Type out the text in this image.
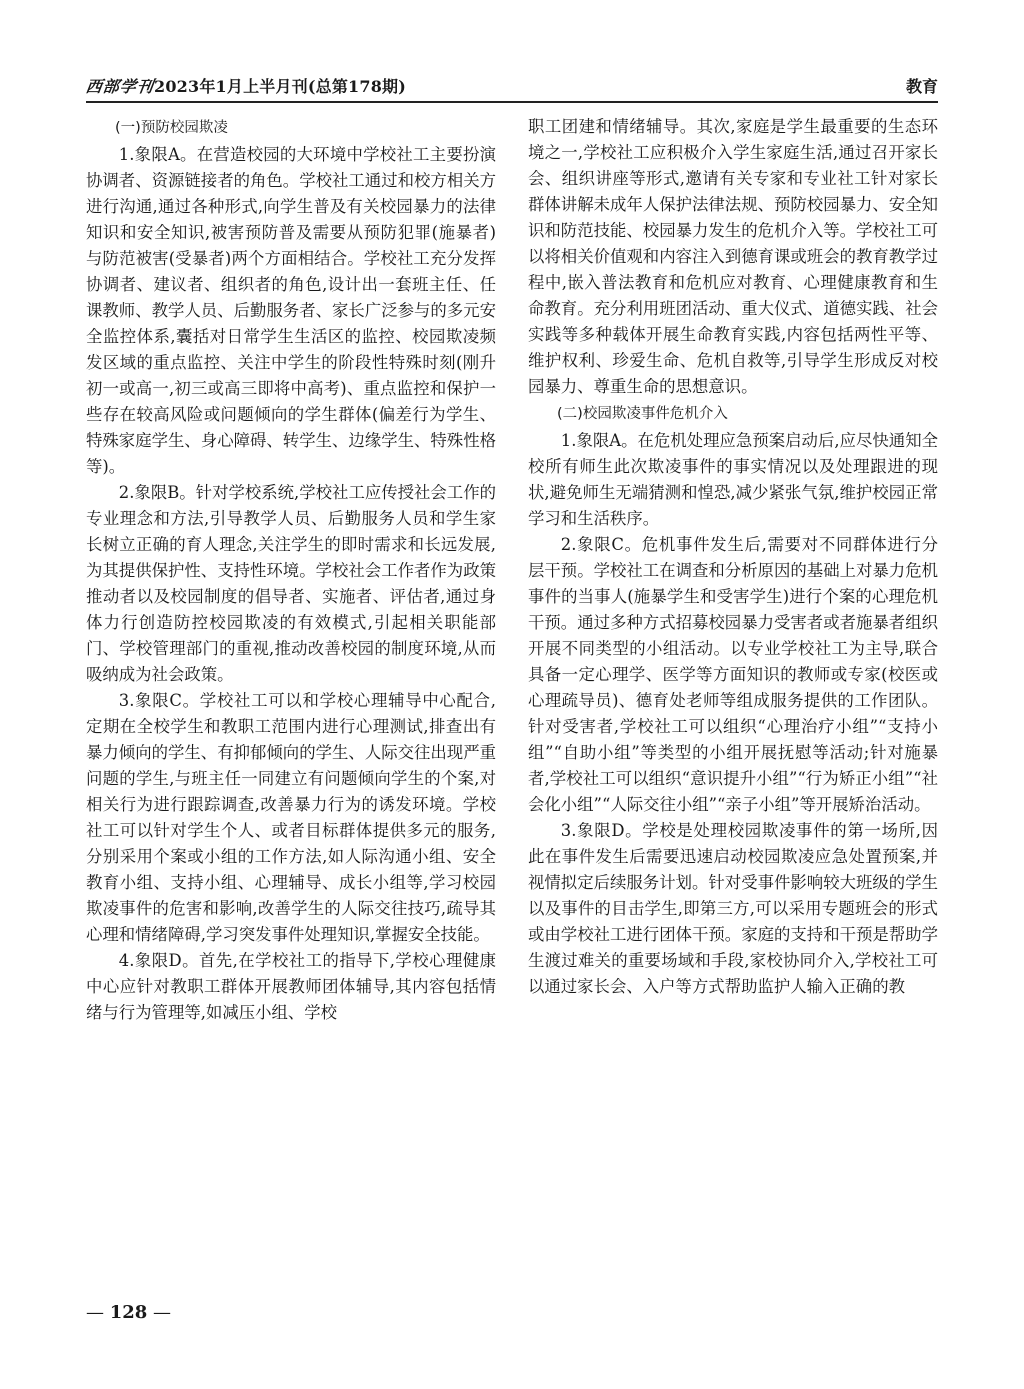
西部学刊2023年1月上半月刊(总第178期)	教育
(一)预防校园欺凌

1.象限A。在营造校园的大环境中学校社工主要扮演协调者、资源链接者的角色。学校社工通过和校方相关方进行沟通,通过各种形式,向学生普及有关校园暴力的法律知识和安全知识,被害预防普及需要从预防犯罪(施暴者)与防范被害(受暴者)两个方面相结合。学校社工充分发挥协调者、建议者、组织者的角色,设计出一套班主任、任课教师、教学人员、后勤服务者、家长广泛参与的多元安全监控体系,囊括对日常学生生活区的监控、校园欺凌频发区域的重点监控、关注中学生的阶段性特殊时刻(刚升初一或高一,初三或高三即将中高考)、重点监控和保护一些存在较高风险或问题倾向的学生群体(偏差行为学生、特殊家庭学生、身心障碍、转学生、边缘学生、特殊性格等)。

2.象限B。针对学校系统,学校社工应传授社会工作的专业理念和方法,引导教学人员、后勤服务人员和学生家长树立正确的育人理念,关注学生的即时需求和长远发展,为其提供保护性、支持性环境。学校社会工作者作为政策推动者以及校园制度的倡导者、实施者、评估者,通过身体力行创造防控校园欺凌的有效模式,引起相关职能部门、学校管理部门的重视,推动改善校园的制度环境,从而吸纳成为社会政策。

3.象限C。学校社工可以和学校心理辅导中心配合,定期在全校学生和教职工范围内进行心理测试,排查出有暴力倾向的学生、有抑郁倾向的学生、人际交往出现严重问题的学生,与班主任一同建立有问题倾向学生的个案,对相关行为进行跟踪调查,改善暴力行为的诱发环境。学校社工可以针对学生个人、或者目标群体提供多元的服务,分别采用个案或小组的工作方法,如人际沟通小组、安全教育小组、支持小组、心理辅导、成长小组等,学习校园欺凌事件的危害和影响,改善学生的人际交往技巧,疏导其心理和情绪障碍,学习突发事件处理知识,掌握安全技能。

4.象限D。首先,在学校社工的指导下,学校心理健康中心应针对教职工群体开展教师团体辅导,其内容包括情绪与行为管理等,如减压小组、学校

职工团建和情绪辅导。其次,家庭是学生最重要的生态环境之一,学校社工应积极介入学生家庭生活,通过召开家长会、组织讲座等形式,邀请有关专家和专业社工针对家长群体讲解未成年人保护法律法规、预防校园暴力、安全知识和防范技能、校园暴力发生的危机介入等。学校社工可以将相关价值观和内容注入到德育课或班会的教育教学过程中,嵌入普法教育和危机应对教育、心理健康教育和生命教育。充分利用班团活动、重大仪式、道德实践、社会实践等多种载体开展生命教育实践,内容包括两性平等、维护权利、珍爱生命、危机自救等,引导学生形成反对校园暴力、尊重生命的思想意识。

(二)校园欺凌事件危机介入

1.象限A。在危机处理应急预案启动后,应尽快通知全校所有师生此次欺凌事件的事实情况以及处理跟进的现状,避免师生无端猜测和惶恐,减少紧张气氛,维护校园正常学习和生活秩序。

2.象限C。危机事件发生后,需要对不同群体进行分层干预。学校社工在调查和分析原因的基础上对暴力危机事件的当事人(施暴学生和受害学生)进行个案的心理危机干预。通过多种方式招募校园暴力受害者或者施暴者组织开展不同类型的小组活动。以专业学校社工为主导,联合具备一定心理学、医学等方面知识的教师或专家(校医或心理疏导员)、德育处老师等组成服务提供的工作团队。针对受害者,学校社工可以组织“心理治疗小组”“支持小组”“自助小组”等类型的小组开展抚慰等活动;针对施暴者,学校社工可以组织“意识提升小组”“行为矫正小组”“社会化小组”“人际交往小组”“亲子小组”等开展矫治活动。

3.象限D。学校是处理校园欺凌事件的第一场所,因此在事件发生后需要迅速启动校园欺凌应急处置预案,并视情拟定后续服务计划。针对受事件影响较大班级的学生以及事件的目击学生,即第三方,可以采用专题班会的形式或由学校社工进行团体干预。家庭的支持和干预是帮助学生渡过难关的重要场域和手段,家校协同介入,学校社工可以通过家长会、入户等方式帮助监护人输入正确的教

— 128 —
